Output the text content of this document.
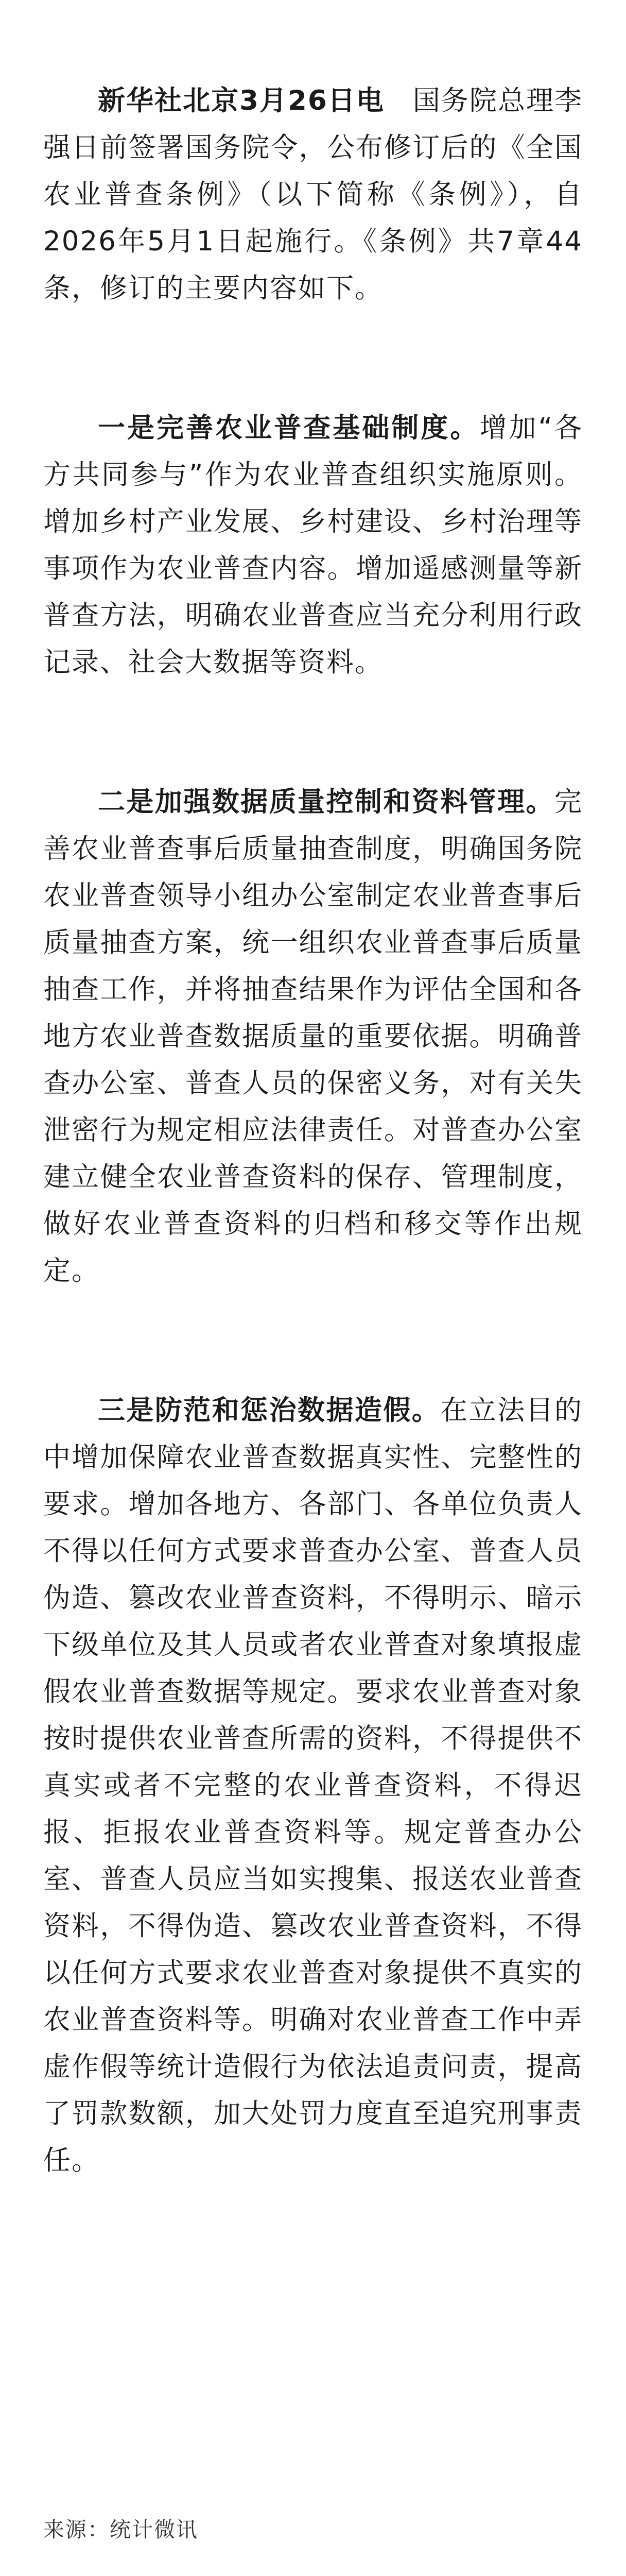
新华社北京3月26日电　国务院总理李强日前签署国务院令，公布修订后的《全国农业普查条例》（以下简称《条例》），自2026年5月1日起施行。《条例》共7章44条，修订的主要内容如下。

一是完善农业普查基础制度。增加“各方共同参与”作为农业普查组织实施原则。增加乡村产业发展、乡村建设、乡村治理等事项作为农业普查内容。增加遥感测量等新普查方法，明确农业普查应当充分利用行政记录、社会大数据等资料。

二是加强数据质量控制和资料管理。完善农业普查事后质量抽查制度，明确国务院农业普查领导小组办公室制定农业普查事后质量抽查方案，统一组织农业普查事后质量抽查工作，并将抽查结果作为评估全国和各地方农业普查数据质量的重要依据。明确普查办公室、普查人员的保密义务，对有关失泄密行为规定相应法律责任。对普查办公室建立健全农业普查资料的保存、管理制度，做好农业普查资料的归档和移交等作出规定。

三是防范和惩治数据造假。在立法目的中增加保障农业普查数据真实性、完整性的要求。增加各地方、各部门、各单位负责人不得以任何方式要求普查办公室、普查人员伪造、篡改农业普查资料，不得明示、暗示下级单位及其人员或者农业普查对象填报虚假农业普查数据等规定。要求农业普查对象按时提供农业普查所需的资料，不得提供不真实或者不完整的农业普查资料，不得迟报、拒报农业普查资料等。规定普查办公室、普查人员应当如实搜集、报送农业普查资料，不得伪造、篡改农业普查资料，不得以任何方式要求农业普查对象提供不真实的农业普查资料等。明确对农业普查工作中弄虚作假等统计造假行为依法追责问责，提高了罚款数额，加大处罚力度直至追究刑事责任。

来源：统计微讯
